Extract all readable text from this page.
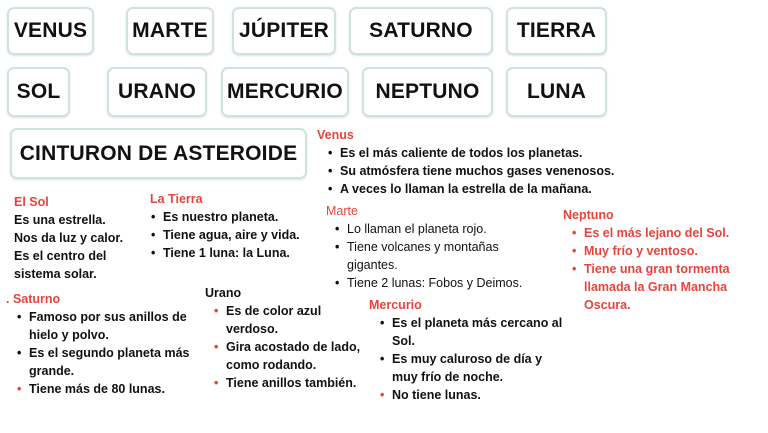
VENUS	MARTE	JÚPITER	SATURNO	TIERRA
SOL	URANO	MERCURIO	NEPTUNO	LUNA
CINTURON DE ASTEROIDE
El Sol
Es una estrella.
Nos da luz y calor.
Es el centro del
sistema solar.
La Tierra
• Es nuestro planeta.
• Tiene agua, aire y vida.
• Tiene 1 luna: la Luna.
Venus
• Es el más caliente de todos los planetas.
• Su atmósfera tiene muchos gases venenosos.
• A veces lo llaman la estrella de la mañana.
Marte
• Lo llaman el planeta rojo.
• Tiene volcanes y montañas gigantes.
• Tiene 2 lunas: Fobos y Deimos.
Neptuno
• Es el más lejano del Sol.
• Muy frío y ventoso.
• Tiene una gran tormenta llamada la Gran Mancha Oscura.
. Saturno
• Famoso por sus anillos de hielo y polvo.
• Es el segundo planeta más grande.
• Tiene más de 80 lunas.
Urano
• Es de color azul verdoso.
• Gira acostado de lado, como rodando.
• Tiene anillos también.
Mercurio
• Es el planeta más cercano al Sol.
• Es muy caluroso de día y muy frío de noche.
• No tiene lunas.
